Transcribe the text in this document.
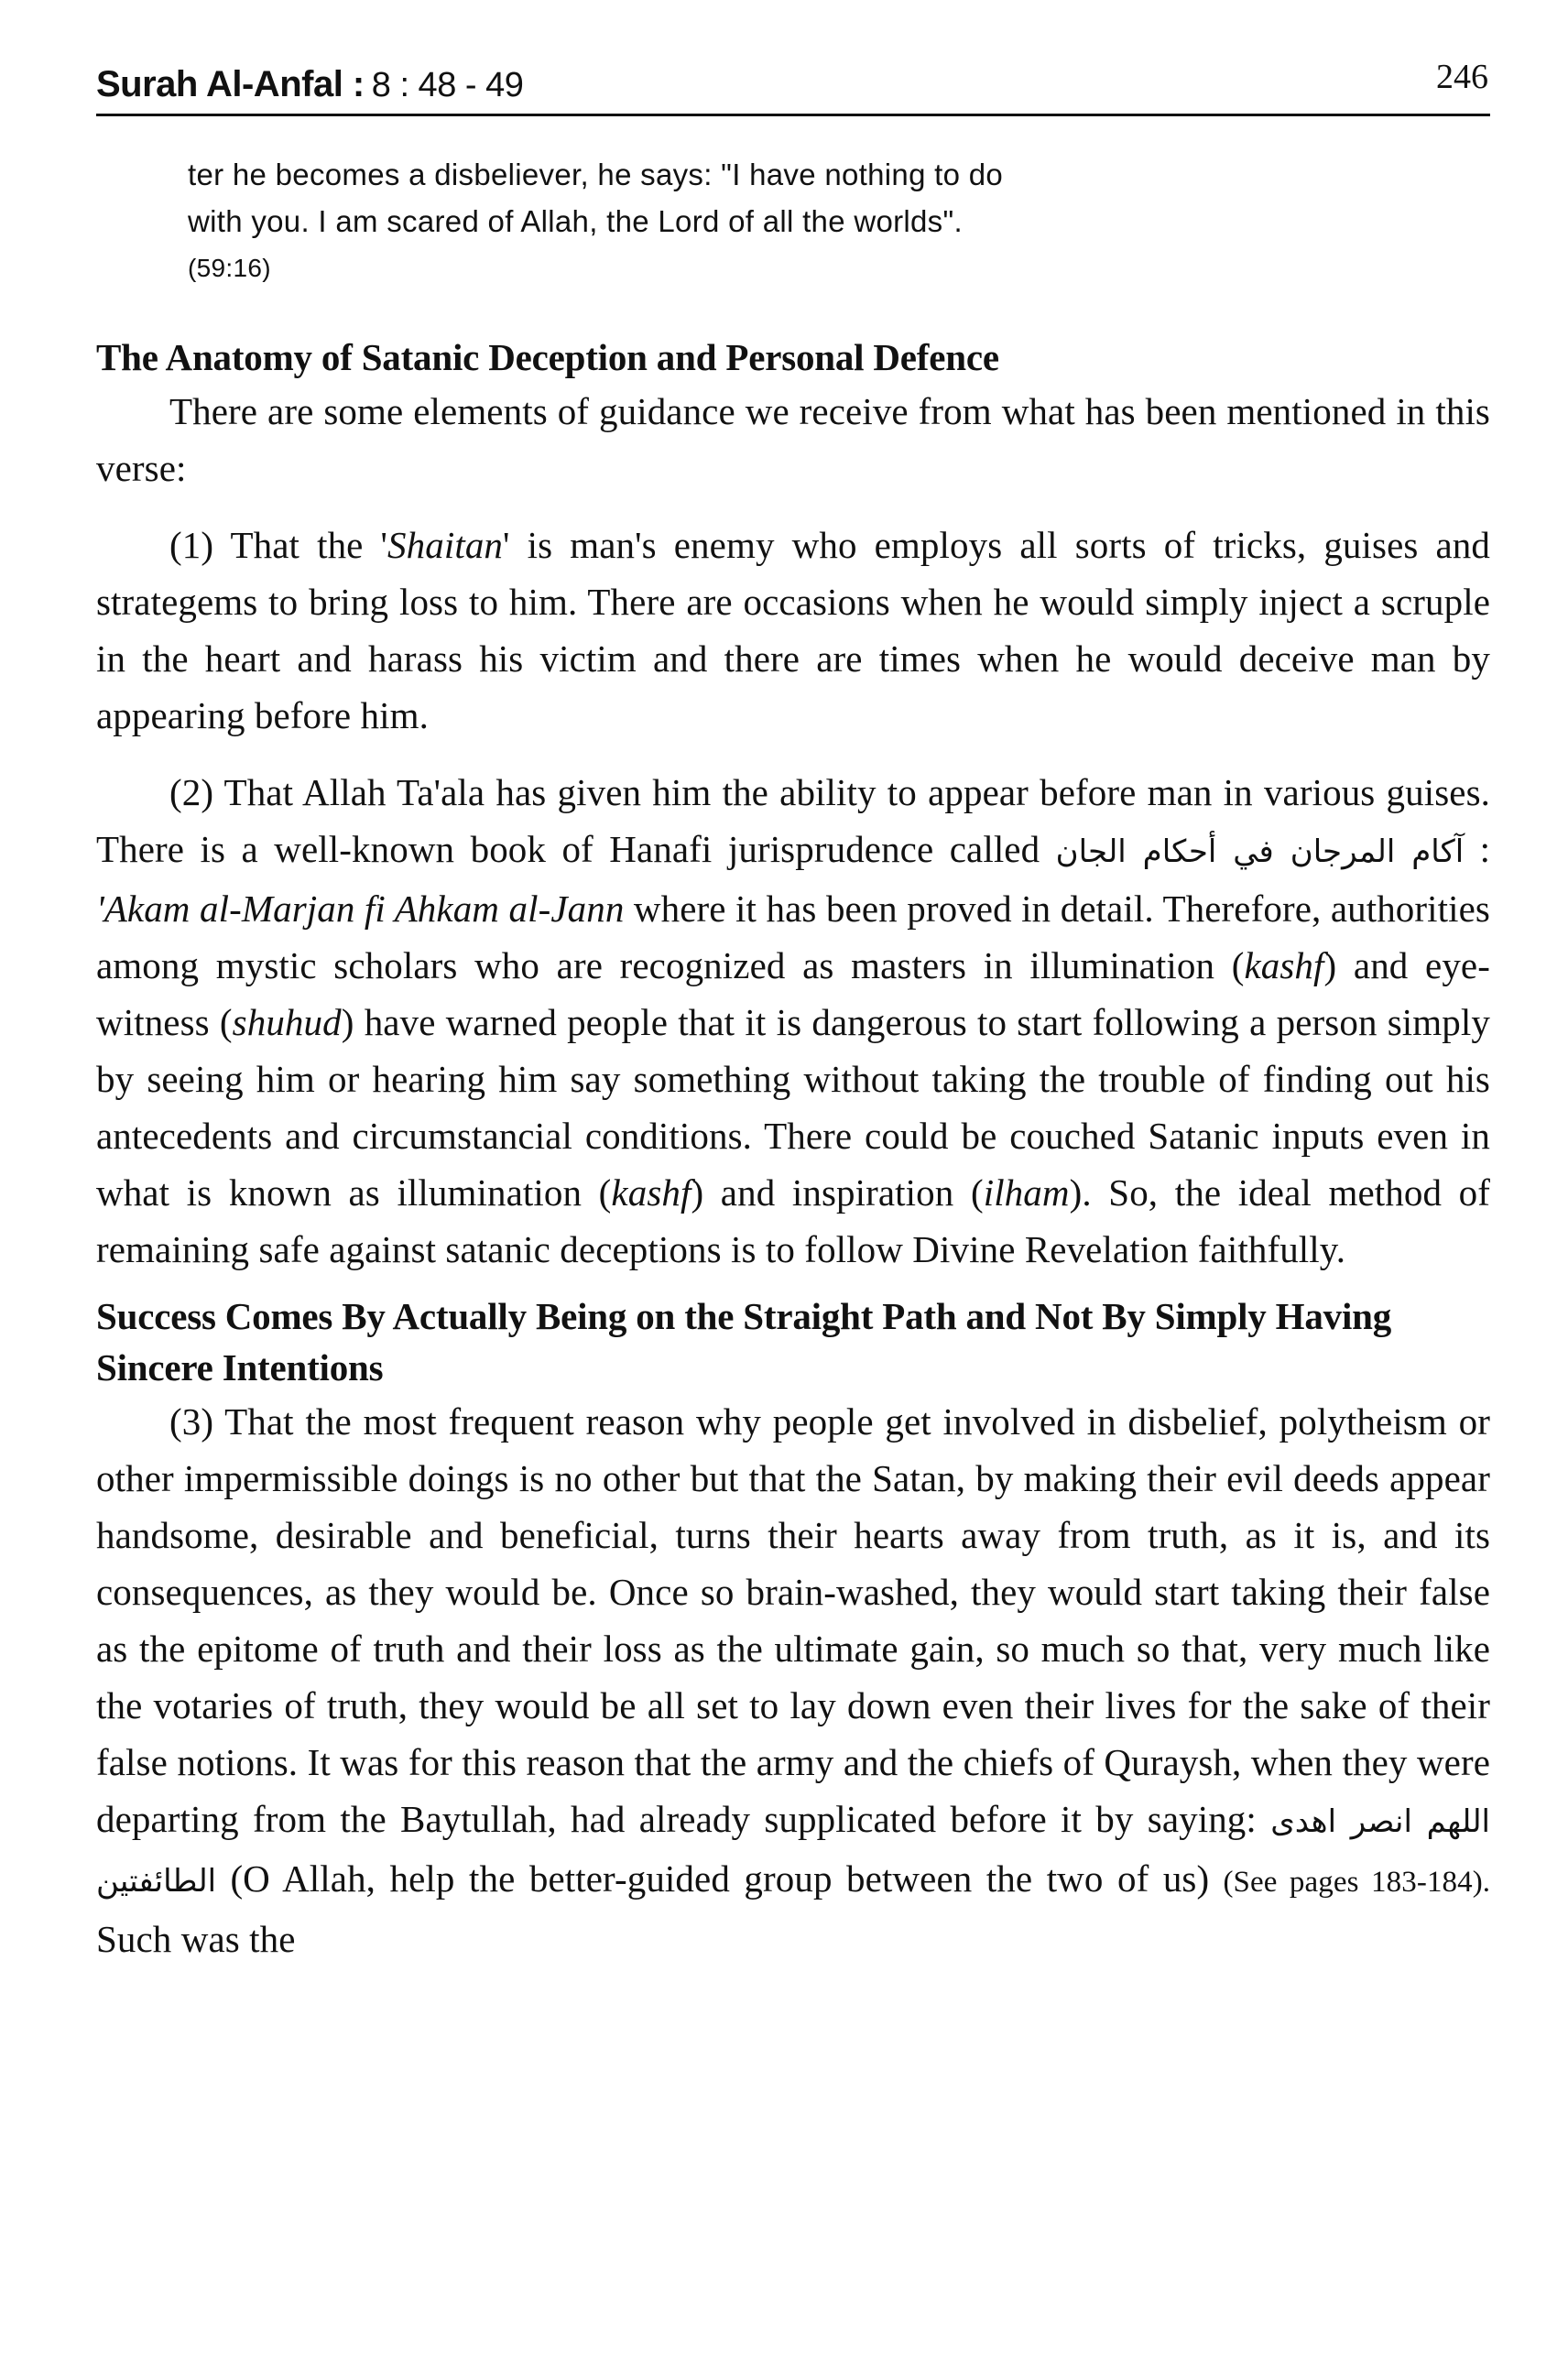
Surah Al-Anfal : 8 : 48 - 49	246
ter he becomes a disbeliever, he says: "I have nothing to do
with you. I am scared of Allah, the Lord of all the worlds".
(59:16)
The Anatomy of Satanic Deception and Personal Defence

There are some elements of guidance we receive from what has been mentioned in this verse:

(1) That the 'Shaitan' is man's enemy who employs all sorts of tricks, guises and strategems to bring loss to him. There are occasions when he would simply inject a scruple in the heart and harass his victim and there are times when he would deceive man by appearing before him.

(2) That Allah Ta'ala has given him the ability to appear before man in various guises. There is a well-known book of Hanafi jurisprudence called آكام المرجان في أحكام الجان : 'Akam al-Marjan fi Ahkam al-Jann where it has been proved in detail. Therefore, authorities among mystic scholars who are recognized as masters in illumination (kashf) and eye-witness (shuhud) have warned people that it is dangerous to start following a person simply by seeing him or hearing him say something without taking the trouble of finding out his antecedents and circumstancial conditions. There could be couched Satanic inputs even in what is known as illumination (kashf) and inspiration (ilham). So, the ideal method of remaining safe against satanic deceptions is to follow Divine Revelation faithfully.

Success Comes By Actually Being on the Straight Path and Not By Simply Having Sincere Intentions

(3) That the most frequent reason why people get involved in disbelief, polytheism or other impermissible doings is no other but that the Satan, by making their evil deeds appear handsome, desirable and beneficial, turns their hearts away from truth, as it is, and its consequences, as they would be. Once so brain-washed, they would start taking their false as the epitome of truth and their loss as the ultimate gain, so much so that, very much like the votaries of truth, they would be all set to lay down even their lives for the sake of their false notions. It was for this reason that the army and the chiefs of Quraysh, when they were departing from the Baytullah, had already supplicated before it by saying: اللهم انصر اهدى الطائفتين (O Allah, help the better-guided group between the two of us) (See pages 183-184). Such was the
